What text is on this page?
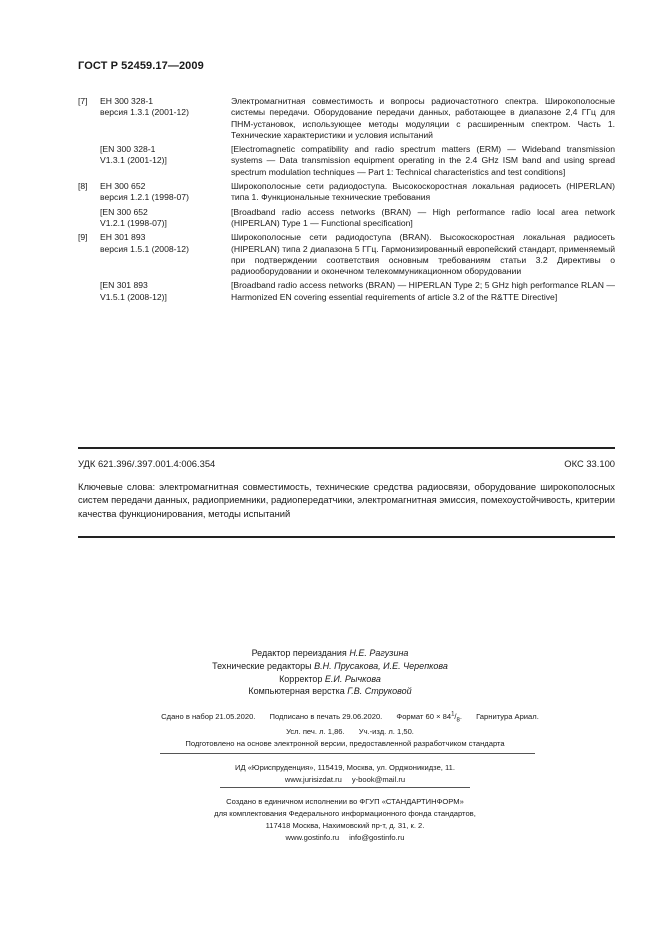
ГОСТ Р 52459.17—2009
[7]	ЕН 300 328-1
версия 1.3.1 (2001-12)
Электромагнитная совместимость и вопросы радиочастотного спектра. Широкополосные системы передачи. Оборудование передачи данных, работающее в диапазоне 2,4 ГГц для ПНМ-установок, использующее методы модуляции с расширенным спектром. Часть 1. Технические характеристики и условия испытаний
[EN 300 328-1
V1.3.1 (2001-12)]
[Electromagnetic compatibility and radio spectrum matters (ERM) — Wideband transmission systems — Data transmission equipment operating in the 2.4 GHz ISM band and using spread spectrum modulation techniques — Part 1: Technical characteristics and test conditions]
[8]	ЕН 300 652
версия 1.2.1 (1998-07)
Широкополосные сети радиодоступа. Высокоскоростная локальная радиосеть (HIPERLAN) типа 1. Функциональные технические требования
[EN 300 652
V1.2.1 (1998-07)]
[Broadband radio access networks (BRAN) — High performance radio local area network (HIPERLAN) Type 1 — Functional specification]
[9]	ЕН 301 893
версия 1.5.1 (2008-12)
Широкополосные сети радиодоступа (BRAN). Высокоскоростная локальная радиосеть (HIPERLAN) типа 2 диапазона 5 ГГц. Гармонизированный европейский стандарт, применяемый при подтверждении соответствия основным требованиям статьи 3.2 Директивы о радиооборудовании и оконечном телекоммуникационном оборудовании
[EN 301 893
V1.5.1 (2008-12)]
[Broadband radio access networks (BRAN) — HIPERLAN Type 2; 5 GHz high performance RLAN — Harmonized EN covering essential requirements of article 3.2 of the R&TTE Directive]
УДК 621.396/.397.001.4:006.354	ОКС 33.100
Ключевые слова: электромагнитная совместимость, технические средства радиосвязи, оборудование широкополосных систем передачи данных, радиоприемники, радиопередатчики, электромагнитная эмиссия, помехоустойчивость, критерии качества функционирования, методы испытаний
Редактор переиздания Н.Е. Рагузина
Технические редакторы В.Н. Прусакова, И.Е. Черепкова
Корректор Е.И. Рычкова
Компьютерная верстка Г.В. Струковой
Сдано в набор 21.05.2020. Подписано в печать 29.06.2020. Формат $60 \times 84^1/_8$. Гарнитура Ариал.
Усл. печ. л. 1,86. Уч.-изд. л. 1,50.
Подготовлено на основе электронной версии, предоставленной разработчиком стандарта
ИД «Юриспруденция», 115419, Москва, ул. Орджоникидзе, 11.
www.jurisizdat.ru y-book@mail.ru
Создано в единичном исполнении во ФГУП «СТАНДАРТИНФОРМ»
для комплектования Федерального информационного фонда стандартов,
117418 Москва, Нахимовский пр-т, д. 31, к. 2.
www.gostinfo.ru info@gostinfo.ru
